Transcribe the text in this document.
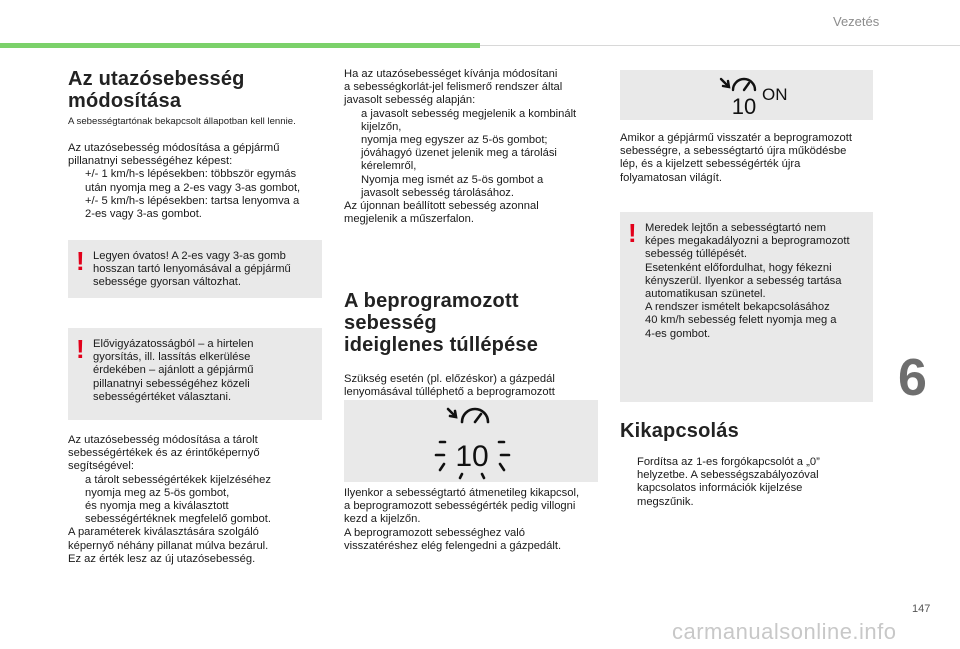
Vezetés
6
147
carmanualsonline.info

Az utazósebesség
módosítása

A sebességtartónak bekapcsolt állapotban kell lennie.

Az utazósebesség módosítása a gépjármű
pillanatnyi sebességéhez képest:

+/- 1 km/h-s lépésekben: többször egymás
után nyomja meg a 2-es vagy 3-as gombot,

+/- 5 km/h-s lépésekben: tartsa lenyomva a
2-es vagy 3-as gombot.

! Legyen óvatos! A 2-es vagy 3-as gomb
hosszan tartó lenyomásával a gépjármű
sebessége gyorsan változhat.
! Elővigyázatosságból – a hirtelen
gyorsítás, ill. lassítás elkerülése
érdekében – ajánlott a gépjármű
pillanatnyi sebességéhez közeli
sebességértéket választani.

Az utazósebesség módosítása a tárolt
sebességértékek és az érintőképernyő
segítségével:

a tárolt sebességértékek kijelzéséhez
nyomja meg az 5-ös gombot,

és nyomja meg a kiválasztott
sebességértéknek megfelelő gombot.

A paraméterek kiválasztására szolgáló
képernyő néhány pillanat múlva bezárul.
Ez az érték lesz az új utazósebesség.

Ha az utazósebességet kívánja módosítani
a sebességkorlát-jel felismerő rendszer által
javasolt sebesség alapján:

a javasolt sebesség megjelenik a kombinált
kijelzőn,

nyomja meg egyszer az 5-ös gombot;
jóváhagyó üzenet jelenik meg a tárolási
kérelemről,

Nyomja meg ismét az 5-ös gombot a
javasolt sebesség tárolásához.

Az újonnan beállított sebesség azonnal
megjelenik a műszerfalon.

A beprogramozott sebesség
ideiglenes túllépése

Szükség esetén (pl. előzéskor) a gázpedál
lenyomásával túlléphető a beprogramozott

10

Ilyenkor a sebességtartó átmenetileg kikapcsol,
a beprogramozott sebességérték pedig villogni
kezd a kijelzőn.
A beprogramozott sebességhez való
visszatéréshez elég felengedni a gázpedált.

10 ON

Amikor a gépjármű visszatér a beprogramozott
sebességre, a sebességtartó újra működésbe
lép, és a kijelzett sebességérték újra
folyamatosan világít.

! Meredek lejtőn a sebességtartó nem
képes megakadályozni a beprogramozott
sebesség túllépését.
Esetenként előfordulhat, hogy fékezni
kényszerül. Ilyenkor a sebesség tartása
automatikusan szünetel.
A rendszer ismételt bekapcsolásához
40 km/h sebesség felett nyomja meg a
4-es gombot.

Kikapcsolás

Fordítsa az 1-es forgókapcsolót a „0”
helyzetbe. A sebességszabályozóval
kapcsolatos információk kijelzése
megszűnik.
